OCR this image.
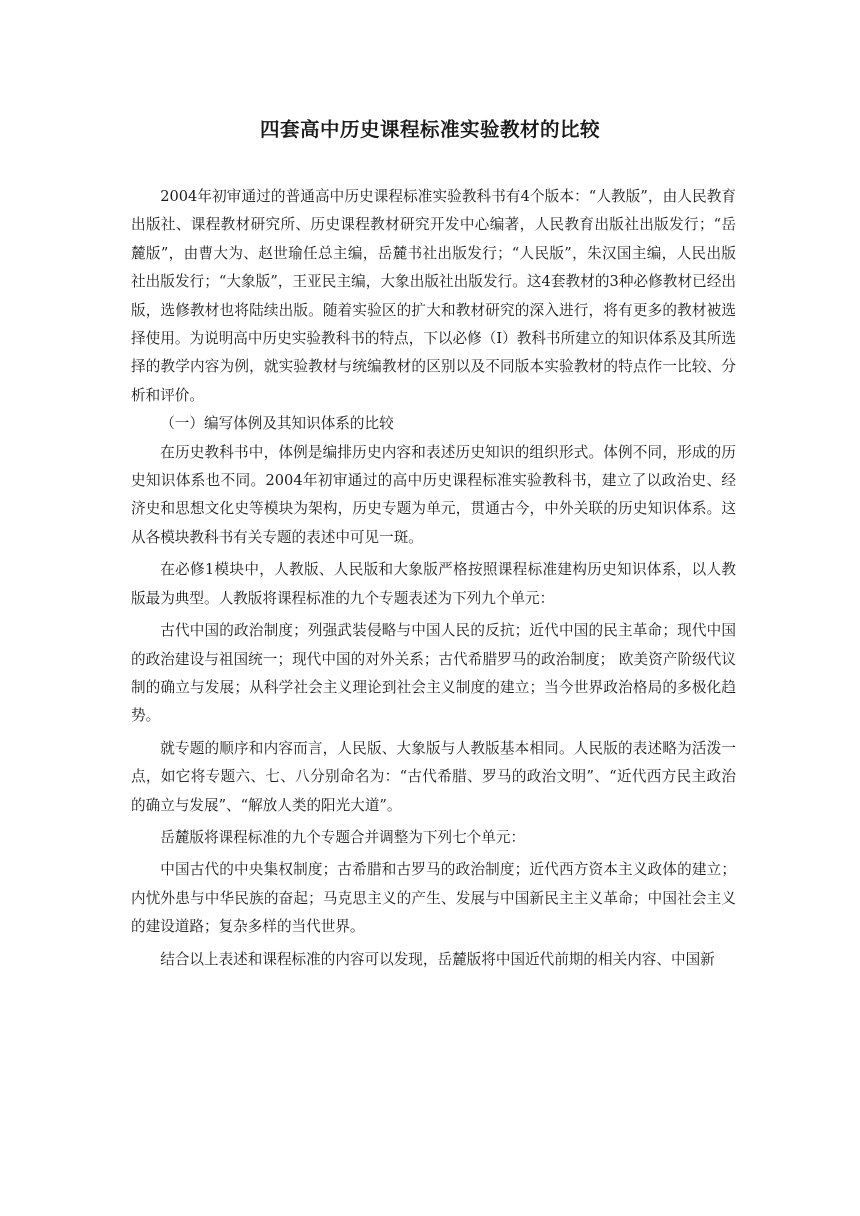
四套高中历史课程标准实验教材的比较

2004年初审通过的普通高中历史课程标准实验教科书有4个版本：“人教版”，由人民教育出版社、课程教材研究所、历史课程教材研究开发中心编著，人民教育出版社出版发行；“岳麓版”，由曹大为、赵世瑜任总主编，岳麓书社出版发行；“人民版”，朱汉国主编，人民出版社出版发行；“大象版”，王亚民主编，大象出版社出版发行。这4套教材的3种必修教材已经出版，选修教材也将陆续出版。随着实验区的扩大和教材研究的深入进行，将有更多的教材被选择使用。为说明高中历史实验教科书的特点，下以必修（Ⅰ）教科书所建立的知识体系及其所选择的教学内容为例，就实验教材与统编教材的区别以及不同版本实验教材的特点作一比较、分析和评价。

（一）编写体例及其知识体系的比较

在历史教科书中，体例是编排历史内容和表述历史知识的组织形式。体例不同，形成的历史知识体系也不同。2004年初审通过的高中历史课程标准实验教科书，建立了以政治史、经济史和思想文化史等模块为架构，历史专题为单元，贯通古今，中外关联的历史知识体系。这从各模块教科书有关专题的表述中可见一斑。

在必修1模块中，人教版、人民版和大象版严格按照课程标准建构历史知识体系，以人教版最为典型。人教版将课程标准的九个专题表述为下列九个单元：

古代中国的政治制度；列强武装侵略与中国人民的反抗；近代中国的民主革命；现代中国的政治建设与祖国统一；现代中国的对外关系；古代希腊罗马的政治制度； 欧美资产阶级代议制的确立与发展；从科学社会主义理论到社会主义制度的建立；当今世界政治格局的多极化趋势。

就专题的顺序和内容而言，人民版、大象版与人教版基本相同。人民版的表述略为活泼一点，如它将专题六、七、八分别命名为：“古代希腊、罗马的政治文明”、“近代西方民主政治的确立与发展”、“解放人类的阳光大道”。

岳麓版将课程标准的九个专题合并调整为下列七个单元：

中国古代的中央集权制度；古希腊和古罗马的政治制度；近代西方资本主义政体的建立；内忧外患与中华民族的奋起；马克思主义的产生、发展与中国新民主主义革命；中国社会主义的建设道路；复杂多样的当代世界。

结合以上表述和课程标准的内容可以发现，岳麓版将中国近代前期的相关内容、中国新
